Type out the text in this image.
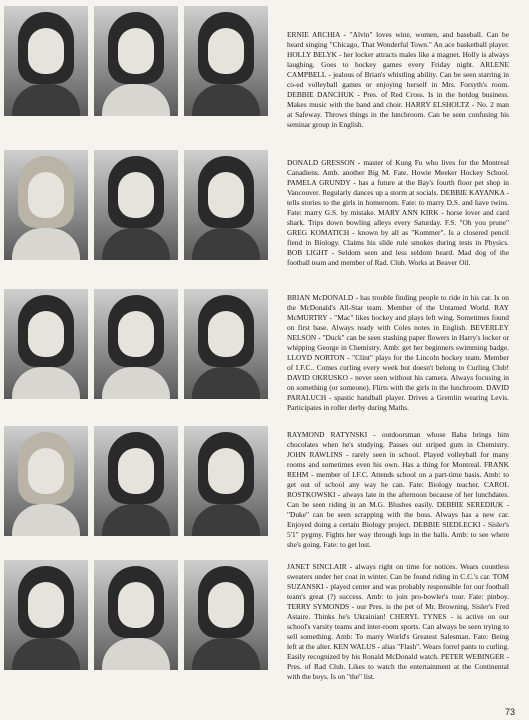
ERNIE ARCHIA - "Alvin" loves wine, women, and baseball. Can be heard singing "Chicago, That Wonderful Town." An ace basketball player. HOLLY BELYK - her locker attracts males like a magnet. Holly is always laughing. Goes to hockey games every Friday night. ARLENE CAMPBELL - jealous of Brian's whistling ability. Can be seen starring in co-ed volleyball games or enjoying herself in Mrs. Forsyth's room. DEBBIE DANCHUK - Pres. of Red Cross. Is in the hotdog business. Makes music with the band and choir. HARRY ELSHOLTZ - No. 2 man at Safeway. Throws things in the lunchroom. Can be seen confusing his seminar group in English.
DONALD GRESSON - master of Kung Fu who lives for the Montreal Canadiens. Amb. another Big M. Fate. Howie Meeker Hockey School. PAMELA GRUNDY - has a future at the Bay's fourth floor pet shop in Vancouver. Regularly dances up a storm at socials. DEBBIE KAYANKA - tells stories to the girls in homeroom. Fate: to marry D.S. and have twins. Fate: marry G.S. by mistake. MARY ANN KIRK - horse lover and card shark. Trips down bowling alleys every Saturday. F.S. "Oh you prune" GREG KOMATICH - known by all as "Kommer". Is a closered pencil fiend in Biology. Claims his slide rule smokes during tests in Physics. BOB LIGHT - Seldom seen and less seldom heard. Mad dog of the football team and member of Rad. Club. Works at Beaver Oil.
BRIAN McDONALD - has trouble finding people to ride in his car. Is on the McDonald's All-Star team. Member of the Untamed World. RAY McMURTRY - "Mac" likes hockey and plays left wing. Sometimes found on first base. Always ready with Coles notes in English. BEVERLEY NELSON - "Duck" can be seen stashing paper flowers in Harry's locker or whipping George in Chemistry. Amb: get her beginners swimming badge. LLOYD NORTON - "Clint" plays for the Lincoln hockey team. Member of I.F.C.. Comes curling every week but doesn't belong to Curling Club! DAVID OKRUSKO - never seen without his camera. Always focusing in on something (or someone). Flirts with the girls in the lunchroom. DAVID PARALUCH - spastic handball player. Drives a Gremlin wearing Levis. Participates in roller derby during Maths.
RAYMOND RATYNSKI - outdoorsman whose Baba brings him chocolates when he's studying. Passes out striped gum in Chemistry. JOHN RAWLINS - rarely seen in school. Played volleyball for many rooms and sometimes even his own. Has a thing for Montreal. FRANK REHM - member of I.F.C. Attends school on a part-time basis. Amb: to get out of school any way he can. Fate: Biology teacher. CAROL ROSTKOWSKI - always late in the afternoon because of her lunchdates. Can be seen riding in an M.G. Blushes easily. DEBBIE SEREDIUK - "Duke" can be seen scrapping with the boss. Always has a new car. Enjoyed doing a certain Biology project. DEBBIE SIEDLECKI - Sisler's 5'1" pygmy. Fights her way through legs in the halls. Amb: to see where she's going. Fate: to get lost.
JANET SINCLAIR - always right on time for notices. Wears countless sweaters under her coat in winter. Can be found riding in C.C.'s car. TOM SUZANSKI - played center and was probably responsible for our football team's great (?) success. Amb: to join pro-bowler's tour. Fate: pinboy. TERRY SYMONDS - our Pres. is the pet of Mr. Browning. Sisler's Fred Astaire. Thinks he's Ukrainian! CHERYL TYNES - is active on our school's varsity teams and inter-room sports. Can always be seen trying to sell something. Amb: To marry World's Greatest Salesman. Fate: Being left at the alter. KEN WALUS - alias "Flash". Wears forrel pants to curling. Easily recognized by his Ronald McDonald watch. PETER WEBINGER - Pres. of Rad Club. Likes to watch the entertainment at the Continental with the boys. Is on "the" list.
73
